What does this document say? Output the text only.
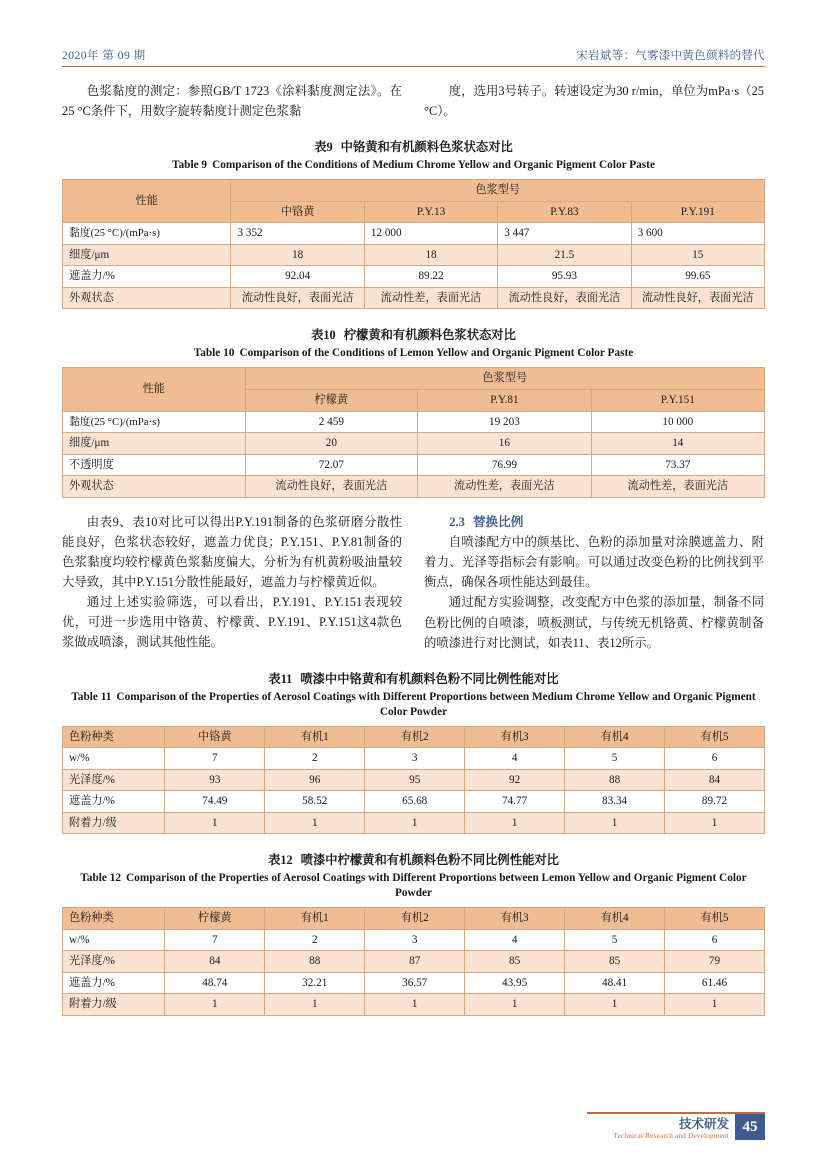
2020年 第 09 期	宋岩斌等：气雾漆中黄色颜料的替代

色浆黏度的测定：参照GB/T 1723《涂料黏度测定法》。在25 °C条件下，用数字旋转黏度计测定色浆黏

度，选用3号转子。转速设定为30 r/min，单位为mPa·s（25 °C）。

表9 中铬黄和有机颜料色浆状态对比
Table 9 Comparison of the Conditions of Medium Chrome Yellow and Organic Pigment Color Paste
性能	色浆型号			
	中铬黄	P.Y.13	P.Y.83	P.Y.191
黏度(25 °C)/(mPa·s)	3 352	12 000	3 447	3 600
细度/μm	18	18	21.5	15
遮盖力/%	92.04	89.22	95.93	99.65
外观状态	流动性良好，表面光洁	流动性差，表面光洁	流动性良好，表面光洁	流动性良好，表面光洁
表10 柠檬黄和有机颜料色浆状态对比
Table 10 Comparison of the Conditions of Lemon Yellow and Organic Pigment Color Paste
性能	色浆型号		
	柠檬黄	P.Y.81	P.Y.151
黏度(25 °C)/(mPa·s)	2 459	19 203	10 000
细度/μm	20	16	14
不透明度	72.07	76.99	73.37
外观状态	流动性良好，表面光洁	流动性差，表面光洁	流动性差，表面光洁

由表9、表10对比可以得出P.Y.191制备的色浆研磨分散性能良好，色浆状态较好，遮盖力优良；P.Y.151、P.Y.81制备的色浆黏度均较柠檬黄色浆黏度偏大，分析为有机黄粉吸油量较大导致，其中P.Y.151分散性能最好，遮盖力与柠檬黄近似。

通过上述实验筛选，可以看出，P.Y.191、P.Y.151表现较优，可进一步选用中铬黄、柠檬黄、P.Y.191、P.Y.151这4款色浆做成喷漆，测试其他性能。

2.3 替换比例

自喷漆配方中的颜基比、色粉的添加量对涂膜遮盖力、附着力、光泽等指标会有影响。可以通过改变色粉的比例找到平衡点，确保各项性能达到最佳。

通过配方实验调整，改变配方中色浆的添加量，制备不同色粉比例的自喷漆，喷板测试，与传统无机铬黄、柠檬黄制备的喷漆进行对比测试，如表11、表12所示。

表11 喷漆中中铬黄和有机颜料色粉不同比例性能对比
Table 11 Comparison of the Properties of Aerosol Coatings with Different Proportions between Medium Chrome Yellow and Organic Pigment Color Powder
色粉种类	中铬黄	有机1	有机2	有机3	有机4	有机5
w/%	7	2	3	4	5	6
光泽度/%	93	96	95	92	88	84
遮盖力/%	74.49	58.52	65.68	74.77	83.34	89.72
附着力/级	1	1	1	1	1	1
表12 喷漆中柠檬黄和有机颜料色粉不同比例性能对比
Table 12 Comparison of the Properties of Aerosol Coatings with Different Proportions between Lemon Yellow and Organic Pigment Color Powder
色粉种类	柠檬黄	有机1	有机2	有机3	有机4	有机5
w/%	7	2	3	4	5	6
光泽度/%	84	88	87	85	85	79
遮盖力/%	48.74	32.21	36.57	43.95	48.41	61.46
附着力/级	1	1	1	1	1	1
技术研发
Technical Research and Development
45
